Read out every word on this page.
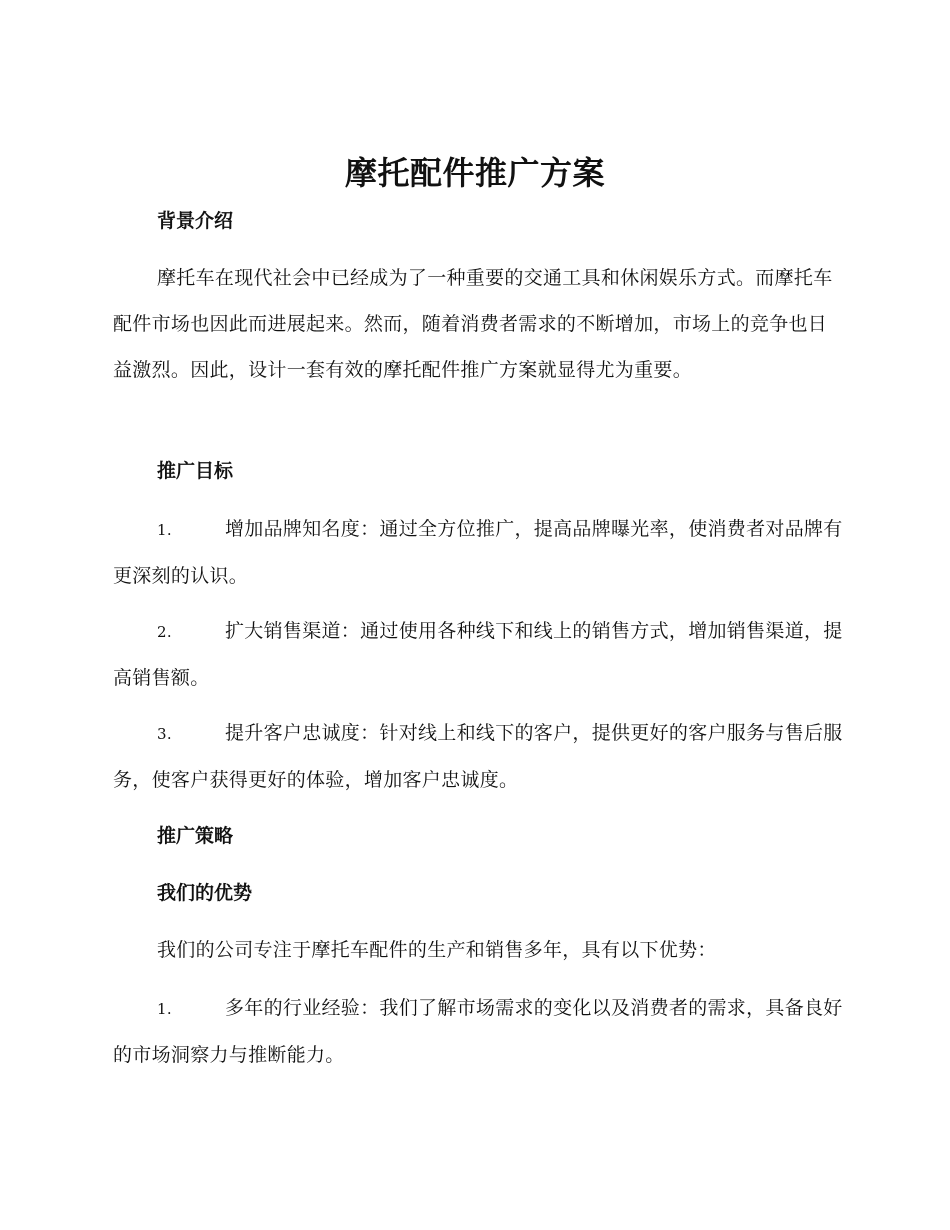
摩托配件推广方案
背景介绍

摩托车在现代社会中已经成为了一种重要的交通工具和休闲娱乐方式。而摩托车配件市场也因此而进展起来。然而，随着消费者需求的不断增加，市场上的竞争也日益激烈。因此，设计一套有效的摩托配件推广方案就显得尤为重要。

推广目标

1.	增加品牌知名度：通过全方位推广，提高品牌曝光率，使消费者对品牌有更深刻的认识。

2.	扩大销售渠道：通过使用各种线下和线上的销售方式，增加销售渠道，提高销售额。

3.	提升客户忠诚度：针对线上和线下的客户，提供更好的客户服务与售后服务，使客户获得更好的体验，增加客户忠诚度。

推广策略
我们的优势

我们的公司专注于摩托车配件的生产和销售多年，具有以下优势：

1.	多年的行业经验：我们了解市场需求的变化以及消费者的需求，具备良好的市场洞察力与推断能力。
